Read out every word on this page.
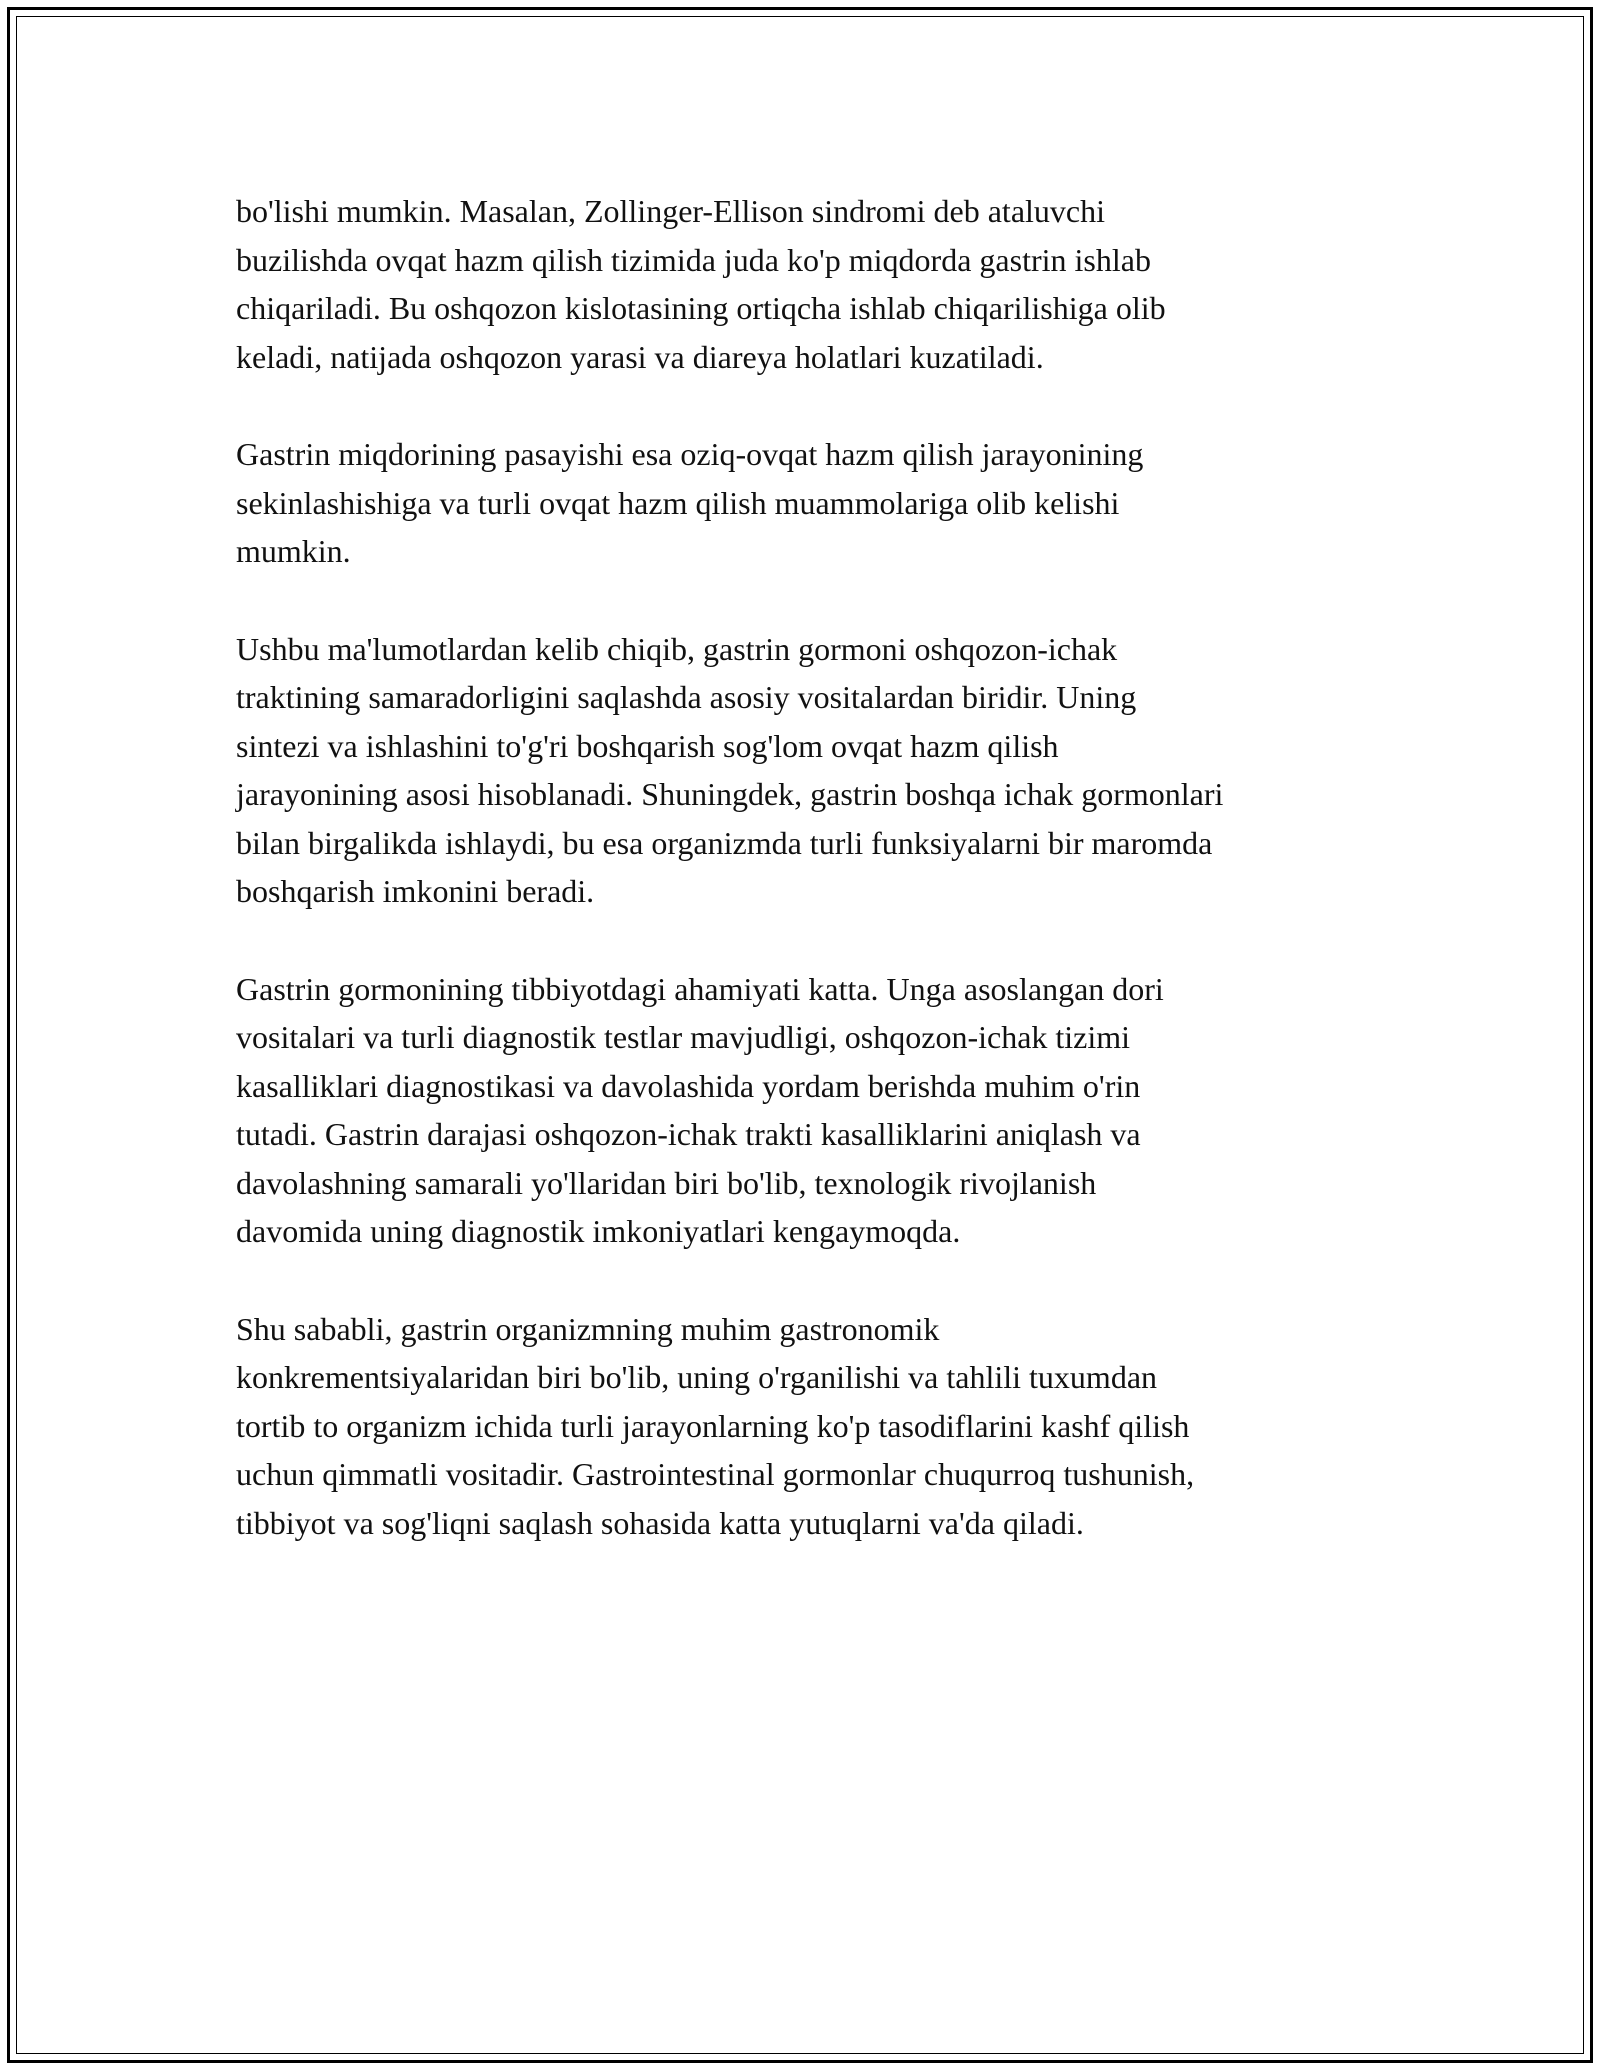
bo'lishi mumkin. Masalan, Zollinger-Ellison sindromi deb ataluvchi
buzilishda ovqat hazm qilish tizimida juda ko'p miqdorda gastrin ishlab
chiqariladi. Bu oshqozon kislotasining ortiqcha ishlab chiqarilishiga olib
keladi, natijada oshqozon yarasi va diareya holatlari kuzatiladi.

Gastrin miqdorining pasayishi esa oziq-ovqat hazm qilish jarayonining
sekinlashishiga va turli ovqat hazm qilish muammolariga olib kelishi
mumkin.

Ushbu ma'lumotlardan kelib chiqib, gastrin gormoni oshqozon-ichak
traktining samaradorligini saqlashda asosiy vositalardan biridir. Uning
sintezi va ishlashini to'g'ri boshqarish sog'lom ovqat hazm qilish
jarayonining asosi hisoblanadi. Shuningdek, gastrin boshqa ichak gormonlari
bilan birgalikda ishlaydi, bu esa organizmda turli funksiyalarni bir maromda
boshqarish imkonini beradi.

Gastrin gormonining tibbiyotdagi ahamiyati katta. Unga asoslangan dori
vositalari va turli diagnostik testlar mavjudligi, oshqozon-ichak tizimi
kasalliklari diagnostikasi va davolashida yordam berishda muhim o'rin
tutadi. Gastrin darajasi oshqozon-ichak trakti kasalliklarini aniqlash va
davolashning samarali yo'llaridan biri bo'lib, texnologik rivojlanish
davomida uning diagnostik imkoniyatlari kengaymoqda.

Shu sababli, gastrin organizmning muhim gastronomik
konkrementsiyalaridan biri bo'lib, uning o'rganilishi va tahlili tuxumdan
tortib to organizm ichida turli jarayonlarning ko'p tasodiflarini kashf qilish
uchun qimmatli vositadir. Gastrointestinal gormonlar chuqurroq tushunish,
tibbiyot va sog'liqni saqlash sohasida katta yutuqlarni va'da qiladi.
